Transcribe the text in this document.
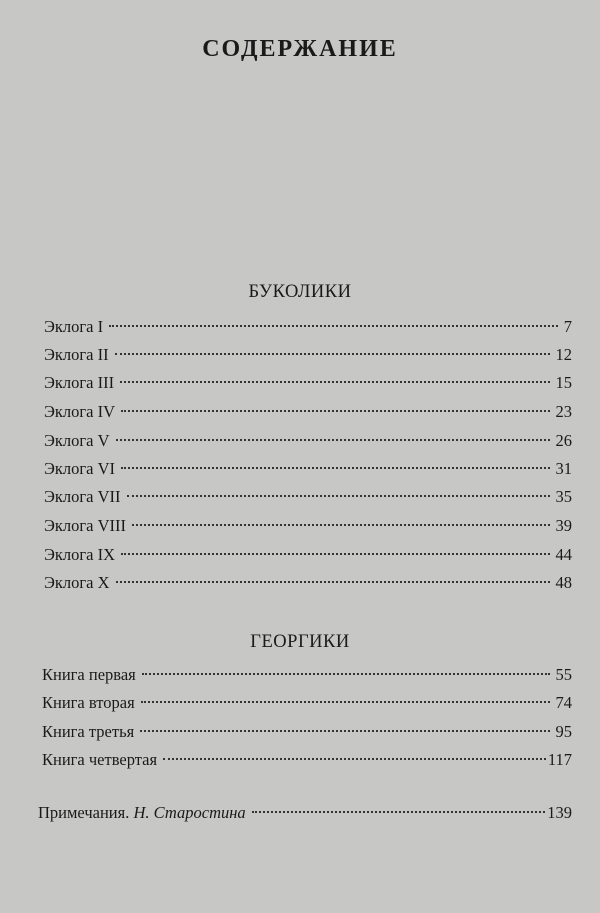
СОДЕРЖАНИЕ
БУКОЛИКИ
Эклога I	7
Эклога II	12
Эклога III	15
Эклога IV	23
Эклога V	26
Эклога VI	31
Эклога VII	35
Эклога VIII	39
Эклога IX	44
Эклога X	48
ГЕОРГИКИ
Книга первая	55
Книга вторая	74
Книга третья	95
Книга четвертая	117
Примечания. Н. Старостина	139
